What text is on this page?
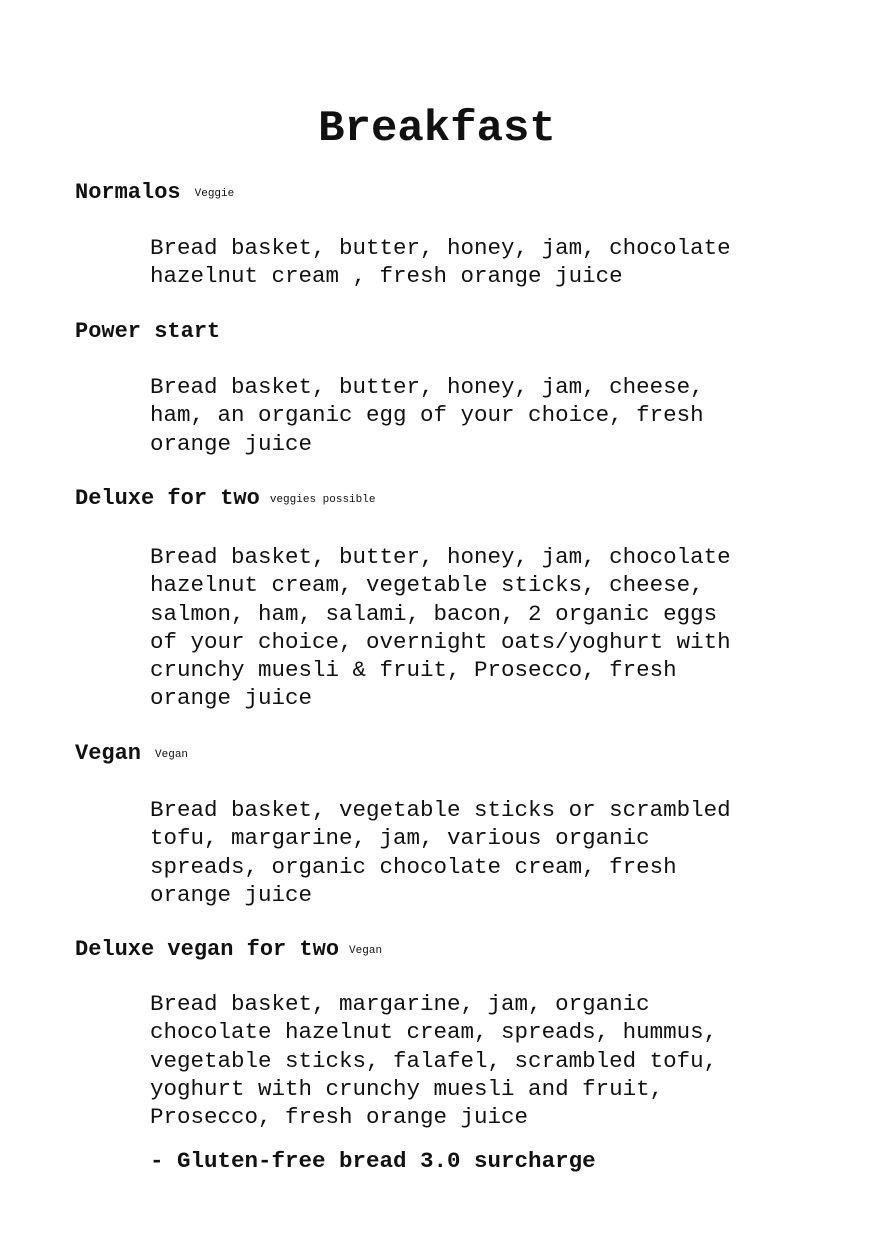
Breakfast
Normalos Veggie

Bread basket, butter, honey, jam, chocolate
hazelnut cream , fresh orange juice

Power start

Bread basket, butter, honey, jam, cheese,
ham, an organic egg of your choice, fresh
orange juice

Deluxe for two veggies possible

Bread basket, butter, honey, jam, chocolate
hazelnut cream, vegetable sticks, cheese,
salmon, ham, salami, bacon, 2 organic eggs
of your choice, overnight oats/yoghurt with
crunchy muesli & fruit, Prosecco, fresh
orange juice

Vegan Vegan

Bread basket, vegetable sticks or scrambled
tofu, margarine, jam, various organic
spreads, organic chocolate cream, fresh
orange juice

Deluxe vegan for two Vegan

Bread basket, margarine, jam, organic
chocolate hazelnut cream, spreads, hummus,
vegetable sticks, falafel, scrambled tofu,
yoghurt with crunchy muesli and fruit,
Prosecco, fresh orange juice

- Gluten-free bread 3.0 surcharge
